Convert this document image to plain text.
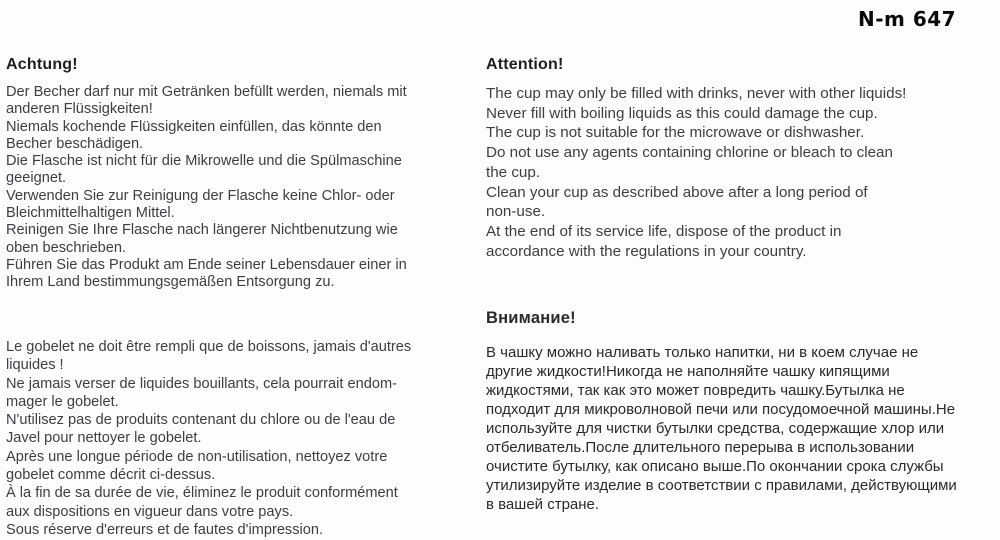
N-m 647
Achtung!
Der Becher darf nur mit Getränken befüllt werden, niemals mit
anderen Flüssigkeiten!
Niemals kochende Flüssigkeiten einfüllen, das könnte den
Becher beschädigen.
Die Flasche ist nicht für die Mikrowelle und die Spülmaschine
geeignet.
Verwenden Sie zur Reinigung der Flasche keine Chlor- oder
Bleichmittelhaltigen Mittel.
Reinigen Sie Ihre Flasche nach längerer Nichtbenutzung wie
oben beschrieben.
Führen Sie das Produkt am Ende seiner Lebensdauer einer in
Ihrem Land bestimmungsgemäßen Entsorgung zu.
Attention!
The cup may only be filled with drinks, never with other liquids!
Never fill with boiling liquids as this could damage the cup.
The cup is not suitable for the microwave or dishwasher.
Do not use any agents containing chlorine or bleach to clean
the cup.
Clean your cup as described above after a long period of
non-use.
At the end of its service life, dispose of the product in
accordance with the regulations in your country.
Le gobelet ne doit être rempli que de boissons, jamais d'autres
liquides !
Ne jamais verser de liquides bouillants, cela pourrait endom-
mager le gobelet.
N'utilisez pas de produits contenant du chlore ou de l'eau de
Javel pour nettoyer le gobelet.
Après une longue période de non-utilisation, nettoyez votre
gobelet comme décrit ci-dessus.
À la fin de sa durée de vie, éliminez le produit conformément
aux dispositions en vigueur dans votre pays.
Sous réserve d'erreurs et de fautes d'impression.
Внимание!
В чашку можно наливать только напитки, ни в коем случае не
другие жидкости!Никогда не наполняйте чашку кипящими
жидкостями, так как это может повредить чашку.Бутылка не
подходит для микроволновой печи или посудомоечной машины.Не
используйте для чистки бутылки средства, содержащие хлор или
отбеливатель.После длительного перерыва в использовании
очистите бутылку, как описано выше.По окончании срока службы
утилизируйте изделие в соответствии с правилами, действующими
в вашей стране.
